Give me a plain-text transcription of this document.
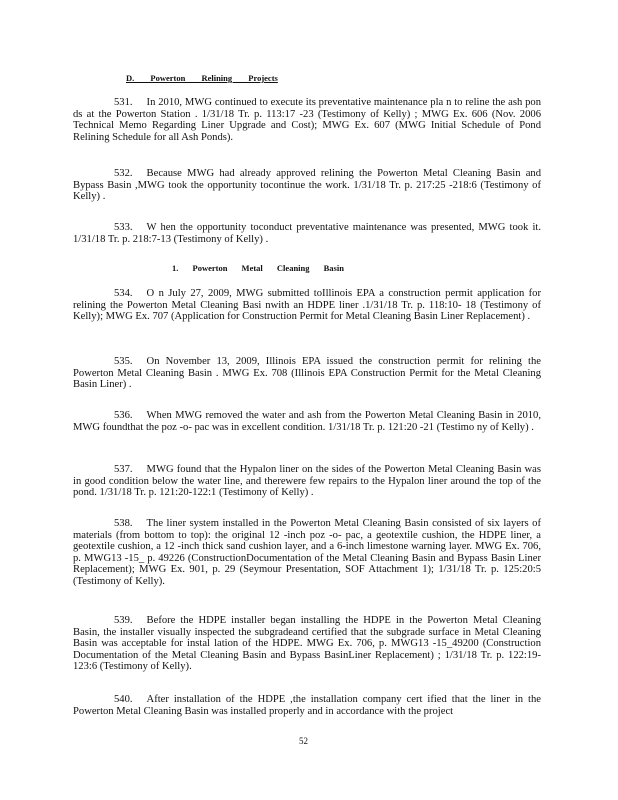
D. Powerton Relining Projects
531. In 2010, MWG continued to execute its preventative maintenance pla n to reline the ash pon ds at the Powerton Station . 1/31/18 Tr. p. 113:17 -23 (Testimony of Kelly) ; MWG Ex. 606 (Nov. 2006 Technical Memo Regarding Liner Upgrade and Cost); MWG Ex. 607 (MWG Initial Schedule of Pond Relining Schedule for all Ash Ponds).
532. Because MWG had already approved relining the Powerton Metal Cleaning Basin and Bypass Basin ,MWG took the opportunity tocontinue the work. 1/31/18 Tr. p. 217:25 -218:6 (Testimony of Kelly) .
533. W hen the opportunity toconduct preventative maintenance was presented, MWG took it. 1/31/18 Tr. p. 218:7-13 (Testimony of Kelly) .
1. Powerton Metal Cleaning Basin
534. O n July 27, 2009, MWG submitted toIllinois EPA a construction permit application for relining the Powerton Metal Cleaning Basi nwith an HDPE liner .1/31/18 Tr. p. 118:10- 18 (Testimony of Kelly); MWG Ex. 707 (Application for Construction Permit for Metal Cleaning Basin Liner Replacement) .
535. On November 13, 2009, Illinois EPA issued the construction permit for relining the Powerton Metal Cleaning Basin . MWG Ex. 708 (Illinois EPA Construction Permit for the Metal Cleaning Basin Liner) .
536. When MWG removed the water and ash from the Powerton Metal Cleaning Basin in 2010, MWG foundthat the poz -o- pac was in excellent condition. 1/31/18 Tr. p. 121:20 -21 (Testimo ny of Kelly) .
537. MWG found that the Hypalon liner on the sides of the Powerton Metal Cleaning Basin was in good condition below the water line, and therewere few repairs to the Hypalon liner around the top of the pond. 1/31/18 Tr. p. 121:20-122:1 (Testimony of Kelly) .
538. The liner system installed in the Powerton Metal Cleaning Basin consisted of six layers of materials (from bottom to top): the original 12 -inch poz -o- pac, a geotextile cushion, the HDPE liner, a geotextile cushion, a 12 -inch thick sand cushion layer, and a 6-inch limestone warning layer. MWG Ex. 706, p. MWG13 -15_ p. 49226 (ConstructionDocumentation of the Metal Cleaning Basin and Bypass Basin Liner Replacement); MWG Ex. 901, p. 29 (Seymour Presentation, SOF Attachment 1); 1/31/18 Tr. p. 125:20:5 (Testimony of Kelly).
539. Before the HDPE installer began installing the HDPE in the Powerton Metal Cleaning Basin, the installer visually inspected the subgradeand certified that the subgrade surface in Metal Cleaning Basin was acceptable for instal lation of the HDPE. MWG Ex. 706, p. MWG13 -15_49200 (Construction Documentation of the Metal Cleaning Basin and Bypass BasinLiner Replacement) ; 1/31/18 Tr. p. 122:19-123:6 (Testimony of Kelly).
540. After installation of the HDPE ,the installation company cert ified that the liner in the Powerton Metal Cleaning Basin was installed properly and in accordance with the project
52
